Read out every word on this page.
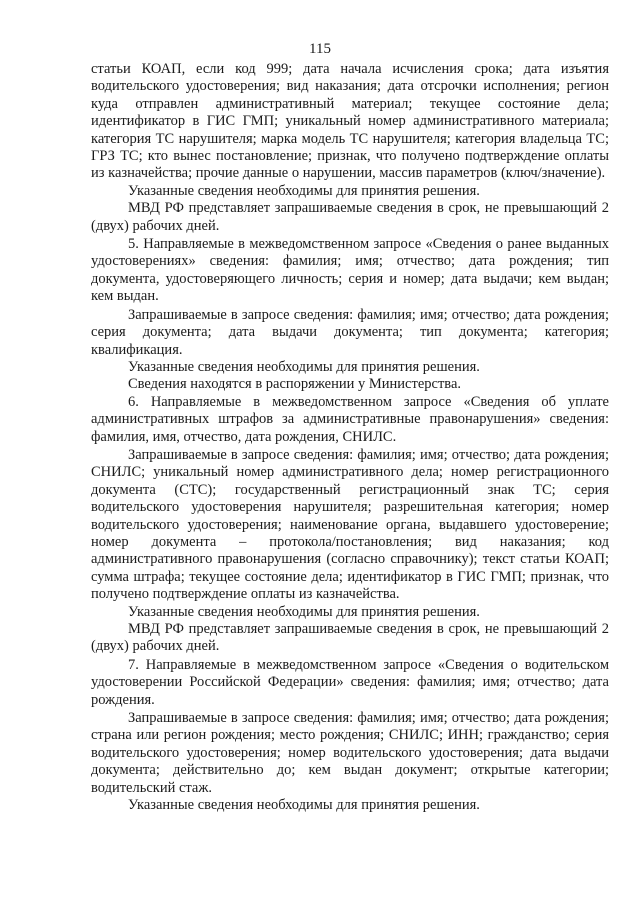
115

статьи КОАП, если код 999; дата начала исчисления срока; дата изъятия водительского удостоверения; вид наказания; дата отсрочки исполнения; регион куда отправлен административный материал; текущее состояние дела; идентификатор в ГИС ГМП; уникальный номер административного материала; категория ТС нарушителя; марка модель ТС нарушителя; категория владельца ТС; ГРЗ ТС; кто вынес постановление; признак, что получено подтверждение оплаты из казначейства; прочие данные о нарушении, массив параметров (ключ/значение).

Указанные сведения необходимы для принятия решения.

МВД РФ представляет запрашиваемые сведения в срок, не превышающий 2 (двух) рабочих дней.

5. Направляемые в межведомственном запросе «Сведения о ранее выданных удостоверениях» сведения: фамилия; имя; отчество; дата рождения; тип документа, удостоверяющего личность; серия и номер; дата выдачи; кем выдан; кем выдан.

Запрашиваемые в запросе сведения: фамилия; имя; отчество; дата рождения; серия документа; дата выдачи документа; тип документа; категория; квалификация.

Указанные сведения необходимы для принятия решения.

Сведения находятся в распоряжении у Министерства.

6. Направляемые в межведомственном запросе «Сведения об уплате административных штрафов за административные правонарушения» сведения: фамилия, имя, отчество, дата рождения, СНИЛС.

Запрашиваемые в запросе сведения: фамилия; имя; отчество; дата рождения; СНИЛС; уникальный номер административного дела; номер регистрационного документа (СТС); государственный регистрационный знак ТС; серия водительского удостоверения нарушителя; разрешительная категория; номер водительского удостоверения; наименование органа, выдавшего удостоверение; номер документа – протокола/постановления; вид наказания; код административного правонарушения (согласно справочнику); текст статьи КОАП; сумма штрафа; текущее состояние дела; идентификатор в ГИС ГМП; признак, что получено подтверждение оплаты из казначейства.

Указанные сведения необходимы для принятия решения.

МВД РФ представляет запрашиваемые сведения в срок, не превышающий 2 (двух) рабочих дней.

7. Направляемые в межведомственном запросе «Сведения о водительском удостоверении Российской Федерации» сведения: фамилия; имя; отчество; дата рождения.

Запрашиваемые в запросе сведения: фамилия; имя; отчество; дата рождения; страна или регион рождения; место рождения; СНИЛС; ИНН; гражданство; серия водительского удостоверения; номер водительского удостоверения; дата выдачи документа; действительно до; кем выдан документ; открытые категории; водительский стаж.

Указанные сведения необходимы для принятия решения.
